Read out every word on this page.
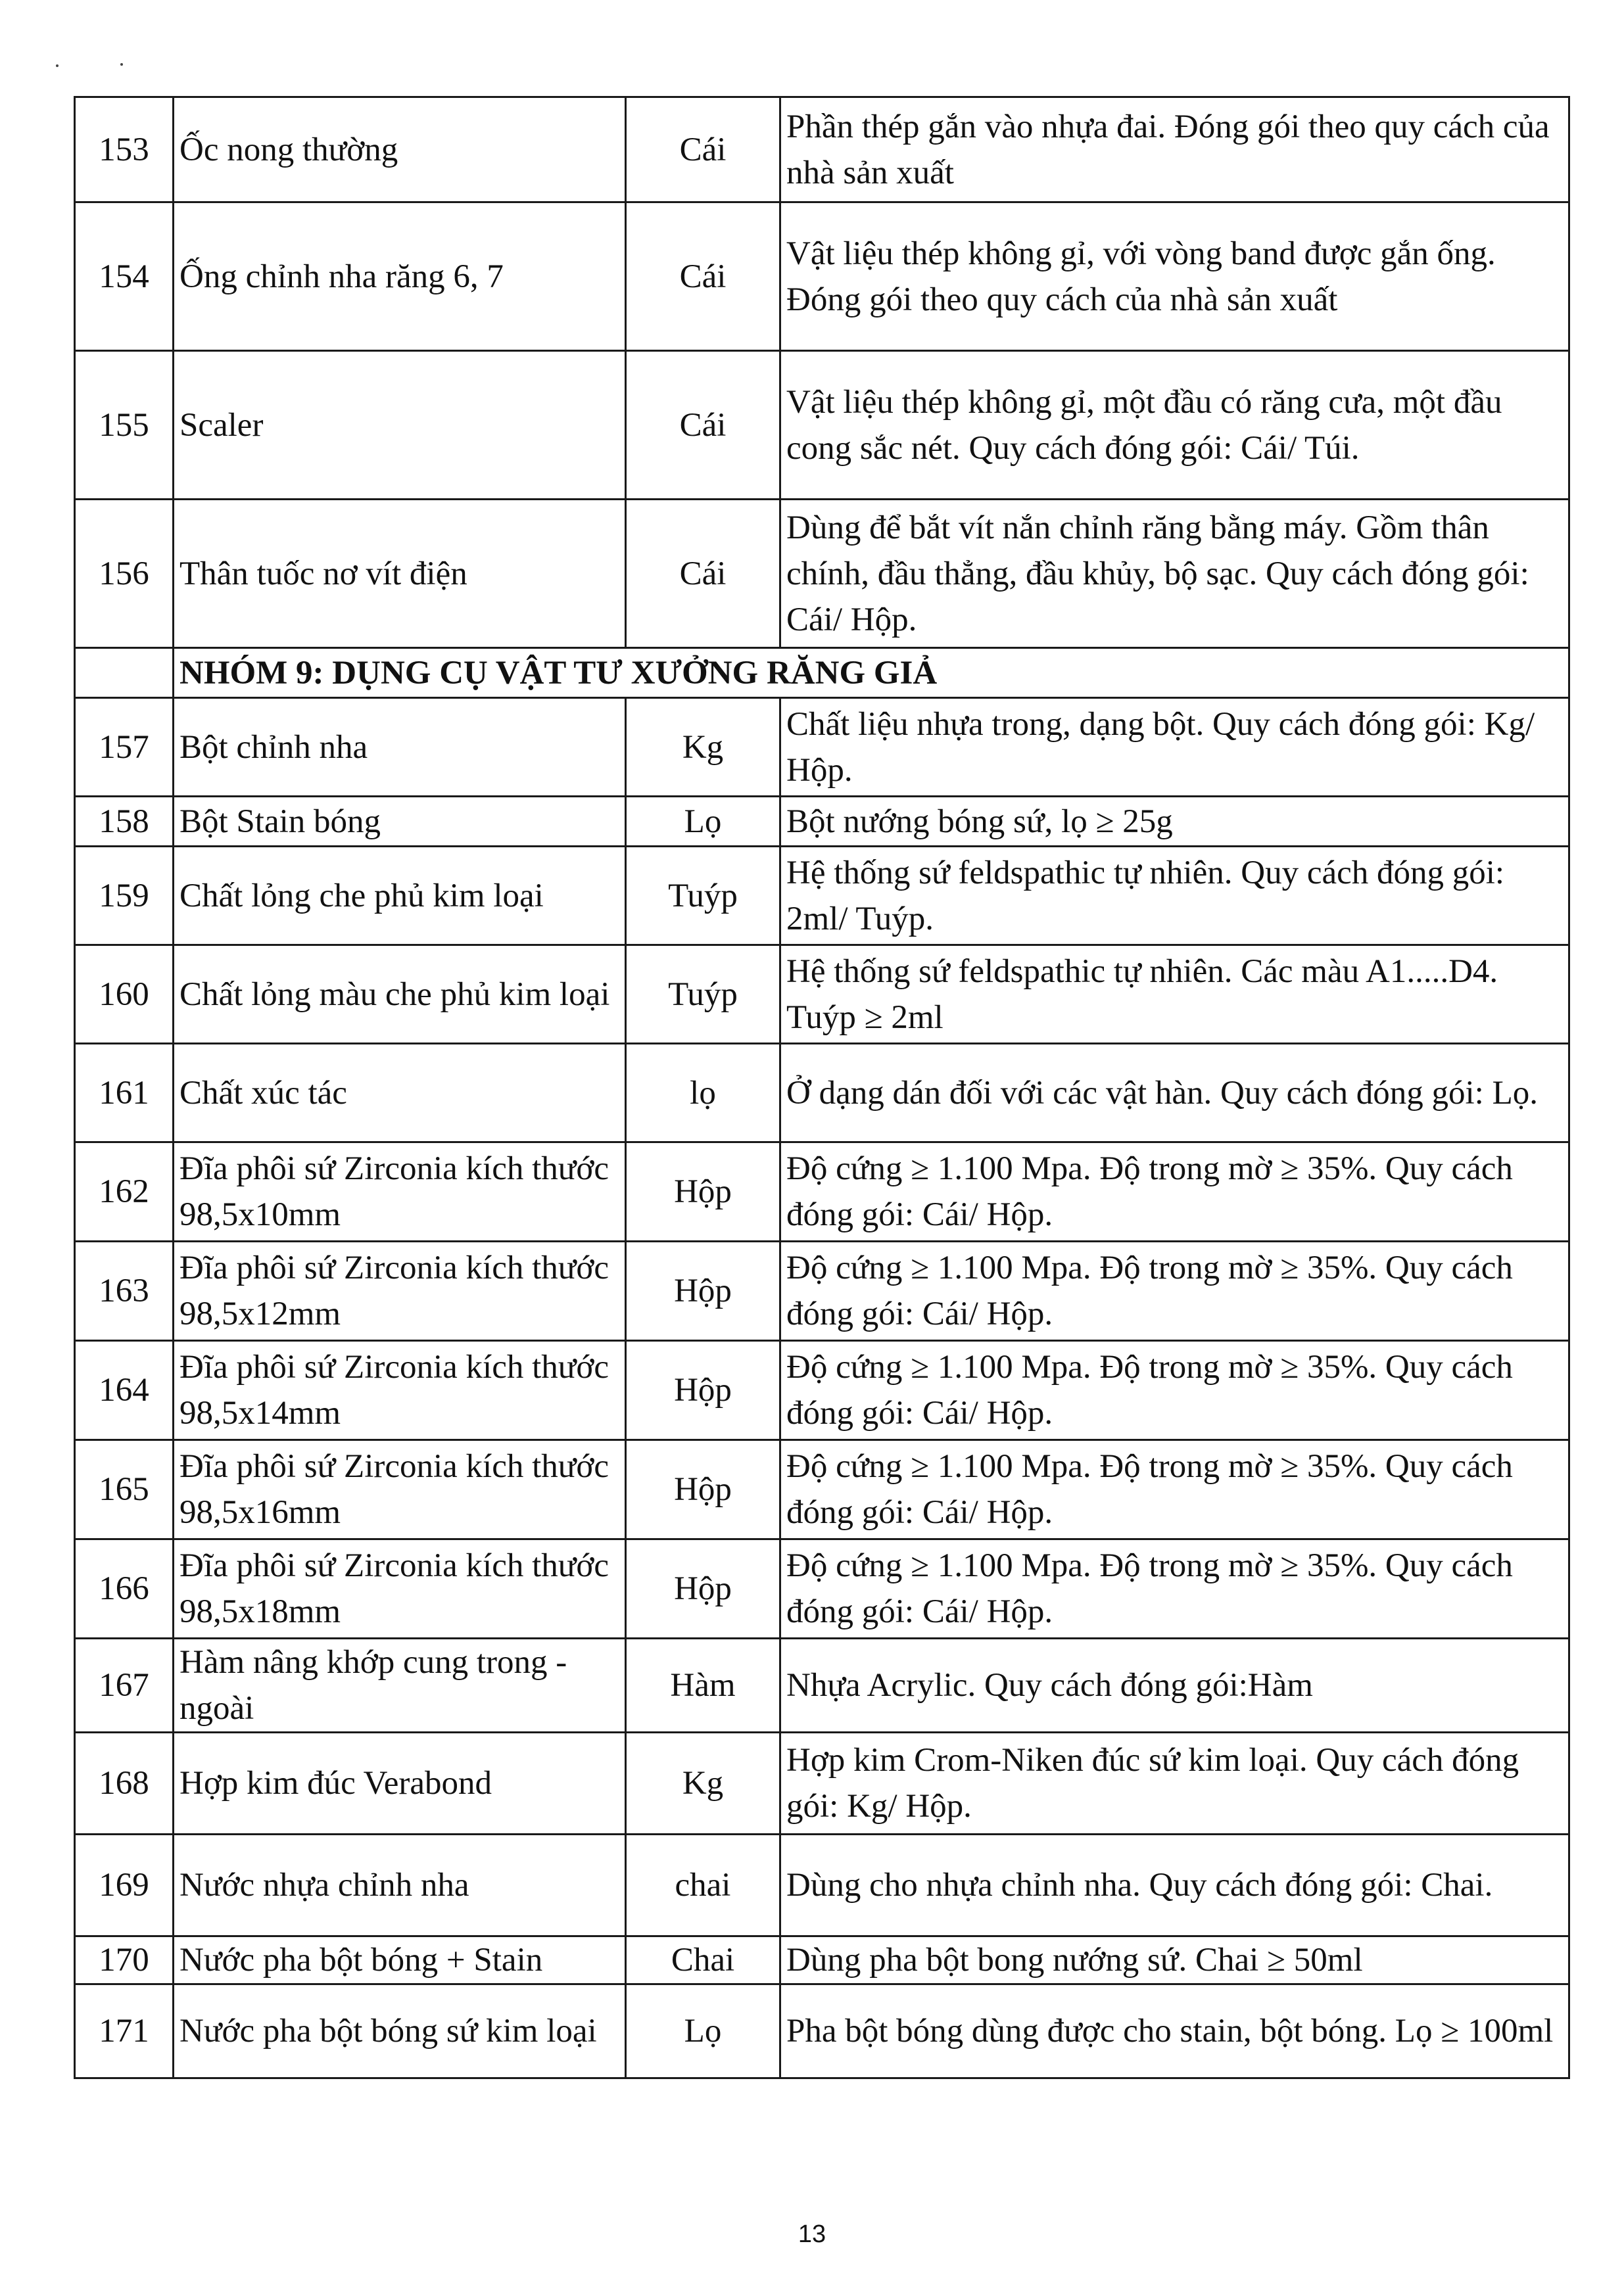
153	Ốc nong thường	Cái	Phần thép gắn vào nhựa đai. Đóng gói theo quy cách của nhà sản xuất
154	Ống chỉnh nha răng 6, 7	Cái	Vật liệu thép không gỉ, với vòng band được gắn ống. Đóng gói theo quy cách của nhà sản xuất
155	Scaler	Cái	Vật liệu thép không gỉ, một đầu có răng cưa, một đầu cong sắc nét. Quy cách đóng gói: Cái/ Túi.
156	Thân tuốc nơ vít điện	Cái	Dùng để bắt vít nắn chỉnh răng bằng máy. Gồm thân chính, đầu thẳng, đầu khủy, bộ sạc. Quy cách đóng gói: Cái/ Hộp.
	NHÓM 9: DỤNG CỤ VẬT TƯ XƯỞNG RĂNG GIẢ		
157	Bột chỉnh nha	Kg	Chất liệu nhựa trong, dạng bột. Quy cách đóng gói: Kg/ Hộp.
158	Bột Stain bóng	Lọ	Bột nướng bóng sứ, lọ ≥ 25g
159	Chất lỏng che phủ kim loại	Tuýp	Hệ thống sứ feldspathic tự nhiên. Quy cách đóng gói: 2ml/ Tuýp.
160	Chất lỏng màu che phủ kim loại	Tuýp	Hệ thống sứ feldspathic tự nhiên. Các màu A1.....D4. Tuýp ≥ 2ml
161	Chất xúc tác	lọ	Ở dạng dán đối với các vật hàn. Quy cách đóng gói: Lọ.
162	Đĩa phôi sứ Zirconia kích thước 98,5x10mm	Hộp	Độ cứng ≥ 1.100 Mpa. Độ trong mờ ≥ 35%. Quy cách đóng gói: Cái/ Hộp.
163	Đĩa phôi sứ Zirconia kích thước 98,5x12mm	Hộp	Độ cứng ≥ 1.100 Mpa. Độ trong mờ ≥ 35%. Quy cách đóng gói: Cái/ Hộp.
164	Đĩa phôi sứ Zirconia kích thước 98,5x14mm	Hộp	Độ cứng ≥ 1.100 Mpa. Độ trong mờ ≥ 35%. Quy cách đóng gói: Cái/ Hộp.
165	Đĩa phôi sứ Zirconia kích thước 98,5x16mm	Hộp	Độ cứng ≥ 1.100 Mpa. Độ trong mờ ≥ 35%. Quy cách đóng gói: Cái/ Hộp.
166	Đĩa phôi sứ Zirconia kích thước 98,5x18mm	Hộp	Độ cứng ≥ 1.100 Mpa. Độ trong mờ ≥ 35%. Quy cách đóng gói: Cái/ Hộp.
167	Hàm nâng khớp cung trong - ngoài	Hàm	Nhựa Acrylic. Quy cách đóng gói:Hàm
168	Hợp kim đúc Verabond	Kg	Hợp kim Crom-Niken đúc sứ kim loại. Quy cách đóng gói: Kg/ Hộp.
169	Nước nhựa chỉnh nha	chai	Dùng cho nhựa chỉnh nha. Quy cách đóng gói: Chai.
170	Nước pha bột bóng + Stain	Chai	Dùng pha bột bong nướng sứ. Chai ≥ 50ml
171	Nước pha bột bóng sứ kim loại	Lọ	Pha bột bóng dùng được cho stain, bột bóng. Lọ ≥ 100ml
13
